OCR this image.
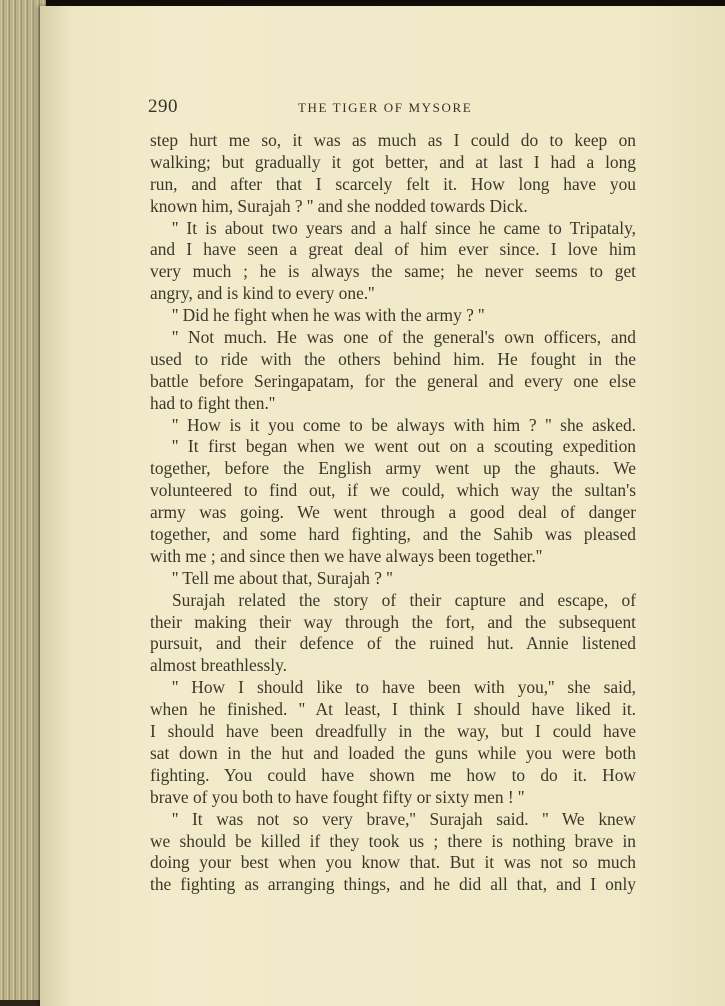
290	THE TIGER OF MYSORE
step hurt me so, it was as much as I could do to keep on
walking; but gradually it got better, and at last I had a long
run, and after that I scarcely felt it. How long have you
known him, Surajah ? '' and she nodded towards Dick.
'' It is about two years and a half since he came to Tripataly,
and I have seen a great deal of him ever since. I love him
very much ; he is always the same; he never seems to get
angry, and is kind to every one.''
'' Did he fight when he was with the army ? ''
'' Not much. He was one of the general's own officers, and
used to ride with the others behind him. He fought in the
battle before Seringapatam, for the general and every one else
had to fight then.''
'' How is it you come to be always with him ? '' she asked.
'' It first began when we went out on a scouting expedition
together, before the English army went up the ghauts. We
volunteered to find out, if we could, which way the sultan's
army was going. We went through a good deal of danger
together, and some hard fighting, and the Sahib was pleased
with me ; and since then we have always been together.''
'' Tell me about that, Surajah ? ''
Surajah related the story of their capture and escape, of
their making their way through the fort, and the subsequent
pursuit, and their defence of the ruined hut. Annie listened
almost breathlessly.
'' How I should like to have been with you,'' she said,
when he finished. '' At least, I think I should have liked it.
I should have been dreadfully in the way, but I could have
sat down in the hut and loaded the guns while you were both
fighting. You could have shown me how to do it. How
brave of you both to have fought fifty or sixty men ! ''
'' It was not so very brave,'' Surajah said. '' We knew
we should be killed if they took us ; there is nothing brave in
doing your best when you know that. But it was not so much
the fighting as arranging things, and he did all that, and I only
